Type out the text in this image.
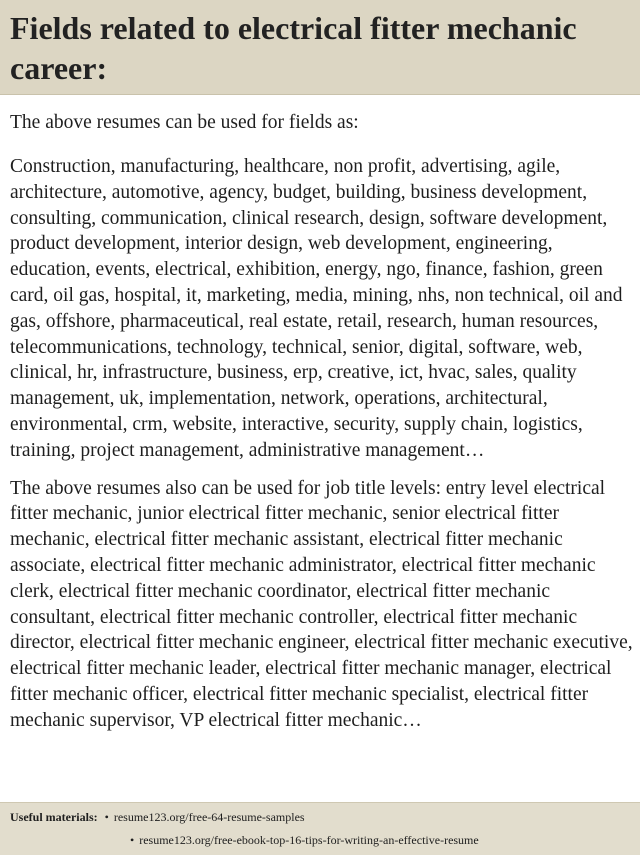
Fields related to electrical fitter mechanic career:

The above resumes can be used for fields as:

Construction, manufacturing, healthcare, non profit, advertising, agile, architecture, automotive, agency, budget, building, business development, consulting, communication, clinical research, design, software development, product development, interior design, web development, engineering, education, events, electrical, exhibition, energy, ngo, finance, fashion, green card, oil gas, hospital, it, marketing, media, mining, nhs, non technical, oil and gas, offshore, pharmaceutical, real estate, retail, research, human resources, telecommunications, technology, technical, senior, digital, software, web, clinical, hr, infrastructure, business, erp, creative, ict, hvac, sales, quality management, uk, implementation, network, operations, architectural, environmental, crm, website, interactive, security, supply chain, logistics, training, project management, administrative management…

The above resumes also can be used for job title levels: entry level electrical fitter mechanic, junior electrical fitter mechanic, senior electrical fitter mechanic, electrical fitter mechanic assistant, electrical fitter mechanic associate, electrical fitter mechanic administrator, electrical fitter mechanic clerk, electrical fitter mechanic coordinator, electrical fitter mechanic consultant, electrical fitter mechanic controller, electrical fitter mechanic director, electrical fitter mechanic engineer, electrical fitter mechanic executive, electrical fitter mechanic leader, electrical fitter mechanic manager, electrical fitter mechanic officer, electrical fitter mechanic specialist, electrical fitter mechanic supervisor, VP electrical fitter mechanic…

Useful materials: • resume123.org/free-64-resume-samples
• resume123.org/free-ebook-top-16-tips-for-writing-an-effective-resume
